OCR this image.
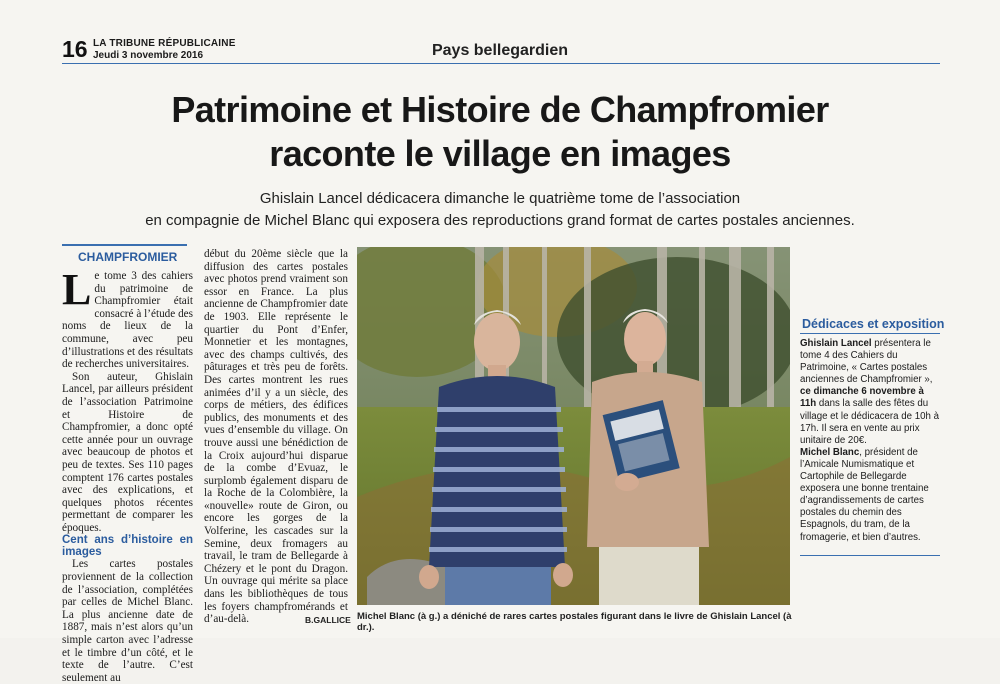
16 LA TRIBUNE RÉPUBLICAINE
Jeudi 3 novembre 2016	Pays bellegardien
Patrimoine et Histoire de Champfromier
raconte le village en images
Ghislain Lancel dédicacera dimanche le quatrième tome de l’association
en compagnie de Michel Blanc qui exposera des reproductions grand format de cartes postales anciennes.
CHAMPFROMIER

Le tome 3 des cahiers du patrimoine de Champfromier était consacré à l’étude des noms de lieux de la commune, avec peu d’illustrations et des résultats de recherches universitaires.

Son auteur, Ghislain Lancel, par ailleurs président de l’association Patrimoine et Histoire de Champfromier, a donc opté cette année pour un ouvrage avec beaucoup de photos et peu de textes. Ses 110 pages comptent 176 cartes postales avec des explications, et quelques photos récentes permettant de comparer les époques.

Cent ans d’histoire en images

Les cartes postales proviennent de la collection de l’association, complétées par celles de Michel Blanc. La plus ancienne date de 1887, mais n’est alors qu’un simple carton avec l’adresse et le timbre d’un côté, et le texte de l’autre. C’est seulement au

début du 20ème siècle que la diffusion des cartes postales avec photos prend vraiment son essor en France. La plus ancienne de Champfromier date de 1903. Elle représente le quartier du Pont d’Enfer, Monnetier et les montagnes, avec des champs cultivés, des pâturages et très peu de forêts. Des cartes montrent les rues animées d’il y a un siècle, des corps de métiers, des édifices publics, des monuments et des vues d’ensemble du village. On trouve aussi une bénédiction de la Croix aujourd’hui disparue de la combe d’Evuaz, le surplomb également disparu de la Roche de la Colombière, la «nouvelle» route de Giron, ou encore les gorges de la Volferine, les cascades sur la Semine, deux fromagers au travail, le tram de Bellegarde à Chézery et le pont du Dragon. Un ouvrage qui mérite sa place dans les bibliothèques de tous les foyers champfromérands et d’au-delà.	B.GALLICE Michel Blanc (à g.) a déniché de rares cartes postales figurant dans le livre de Ghislain Lancel (à dr.).
Dédicaces et exposition
Ghislain Lancel présentera le tome 4 des Cahiers du Patrimoine, « Cartes postales anciennes de Champfromier », ce dimanche 6 novembre à 11h dans la salle des fêtes du village et le dédicacera de 10h à 17h. Il sera en vente au prix unitaire de 20€.
Michel Blanc, président de l’Amicale Numismatique et Cartophile de Bellegarde exposera une bonne trentaine d’agrandissements de cartes postales du chemin des Espagnols, du tram, de la fromagerie, et bien d’autres.
